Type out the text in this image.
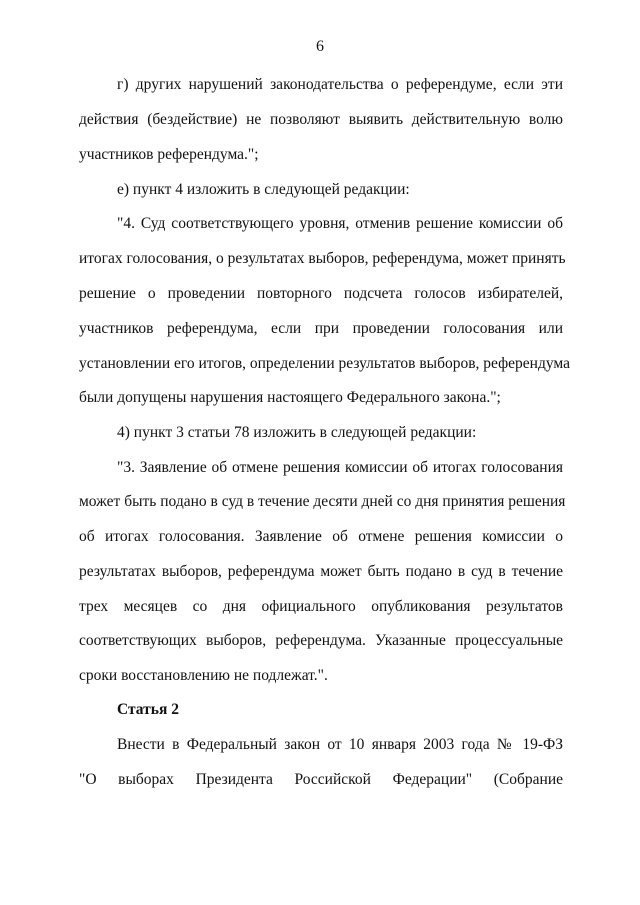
6
г) других нарушений законодательства о референдуме, если эти
действия (бездействие) не позволяют выявить действительную волю
участников референдума.";
е) пункт 4 изложить в следующей редакции:
"4. Суд соответствующего уровня, отменив решение комиссии об
итогах голосования, о результатах выборов, референдума, может принять
решение о проведении повторного подсчета голосов избирателей,
участников референдума, если при проведении голосования или
установлении его итогов, определении результатов выборов, референдума
были допущены нарушения настоящего Федерального закона.";
4) пункт 3 статьи 78 изложить в следующей редакции:
"3. Заявление об отмене решения комиссии об итогах голосования
может быть подано в суд в течение десяти дней со дня принятия решения
об итогах голосования. Заявление об отмене решения комиссии о
результатах выборов, референдума может быть подано в суд в течение
трех месяцев со дня официального опубликования результатов
соответствующих выборов, референдума. Указанные процессуальные
сроки восстановлению не подлежат.".
Статья 2
Внести в Федеральный закон от 10 января 2003 года № 19-ФЗ
"О выборах Президента Российской Федерации" (Собрание
